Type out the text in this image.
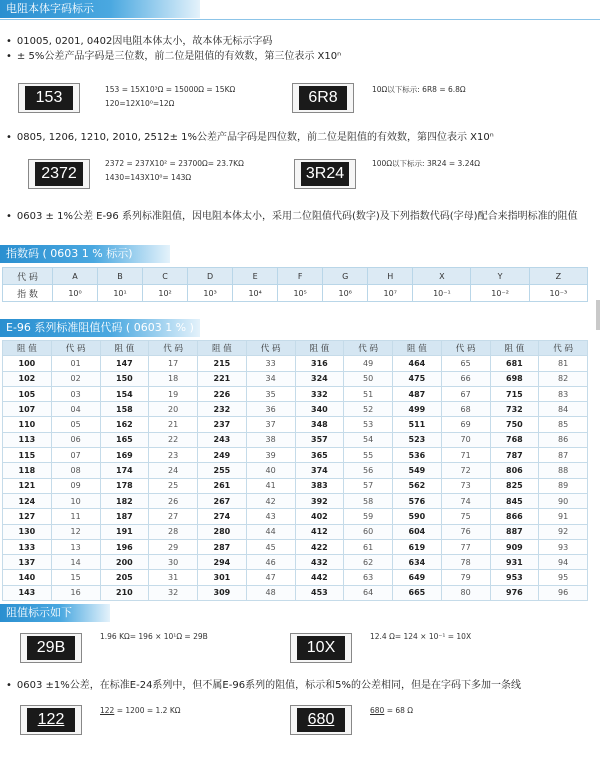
电阻本体字码标示
• 01005, 0201, 0402因电阻本体太小，故本体无标示字码
• ± 5%公差产品字码是三位数，前二位是阻值的有效数，第三位表示 X10ⁿ
153	153 = 15X10³Ω = 15000Ω = 15KΩ
120=12X10⁰=12Ω	6R8	10Ω以下标示: 6R8 = 6.8Ω
• 0805, 1206, 1210, 2010, 2512± 1%公差产品字码是四位数，前二位是阻值的有效数，第四位表示 X10ⁿ
2372
2372 = 237X10² = 23700Ω= 23.7KΩ
1430=143X10⁰= 143Ω	3R24
100Ω以下标示: 3R24 = 3.24Ω
• 0603 ± 1%公差 E-96 系列标准阻值，因电阻本体太小，采用二位阻值代码(数字)及下列指数代码(字母)配合来指明标准的阻值
指数码 ( 0603 1 % 标示)
代 码	A	B	C	D	E	F	G	H	X	Y	Z
指 数	10⁰	10¹	10²	10³	10⁴	10⁵	10⁶	10⁷	10⁻¹	10⁻²	10⁻³
E-96 系列标准阻值代码 ( 0603 1 % )
阻 值	代 码	阻 值	代 码	阻 值	代 码	阻 值	代 码	阻 值	代 码	阻 值	代 码
100	01	147	17	215	33	316	49	464	65	681	81
102	02	150	18	221	34	324	50	475	66	698	82
105	03	154	19	226	35	332	51	487	67	715	83
107	04	158	20	232	36	340	52	499	68	732	84
110	05	162	21	237	37	348	53	511	69	750	85
113	06	165	22	243	38	357	54	523	70	768	86
115	07	169	23	249	39	365	55	536	71	787	87
118	08	174	24	255	40	374	56	549	72	806	88
121	09	178	25	261	41	383	57	562	73	825	89
124	10	182	26	267	42	392	58	576	74	845	90
127	11	187	27	274	43	402	59	590	75	866	91
130	12	191	28	280	44	412	60	604	76	887	92
133	13	196	29	287	45	422	61	619	77	909	93
137	14	200	30	294	46	432	62	634	78	931	94
140	15	205	31	301	47	442	63	649	79	953	95
143	16	210	32	309	48	453	64	665	80	976	96
阻值标示如下
29B
1.96 KΩ= 196 × 10¹Ω = 29B
10X
12.4 Ω= 124 × 10⁻¹ = 10X
• 0603 ±1%公差，在标准E-24系列中，但不属E-96系列的阻值，标示和5%的公差相同，但是在字码下多加一条线
122
122 = 1200 = 1.2 KΩ
680
680 = 68 Ω
